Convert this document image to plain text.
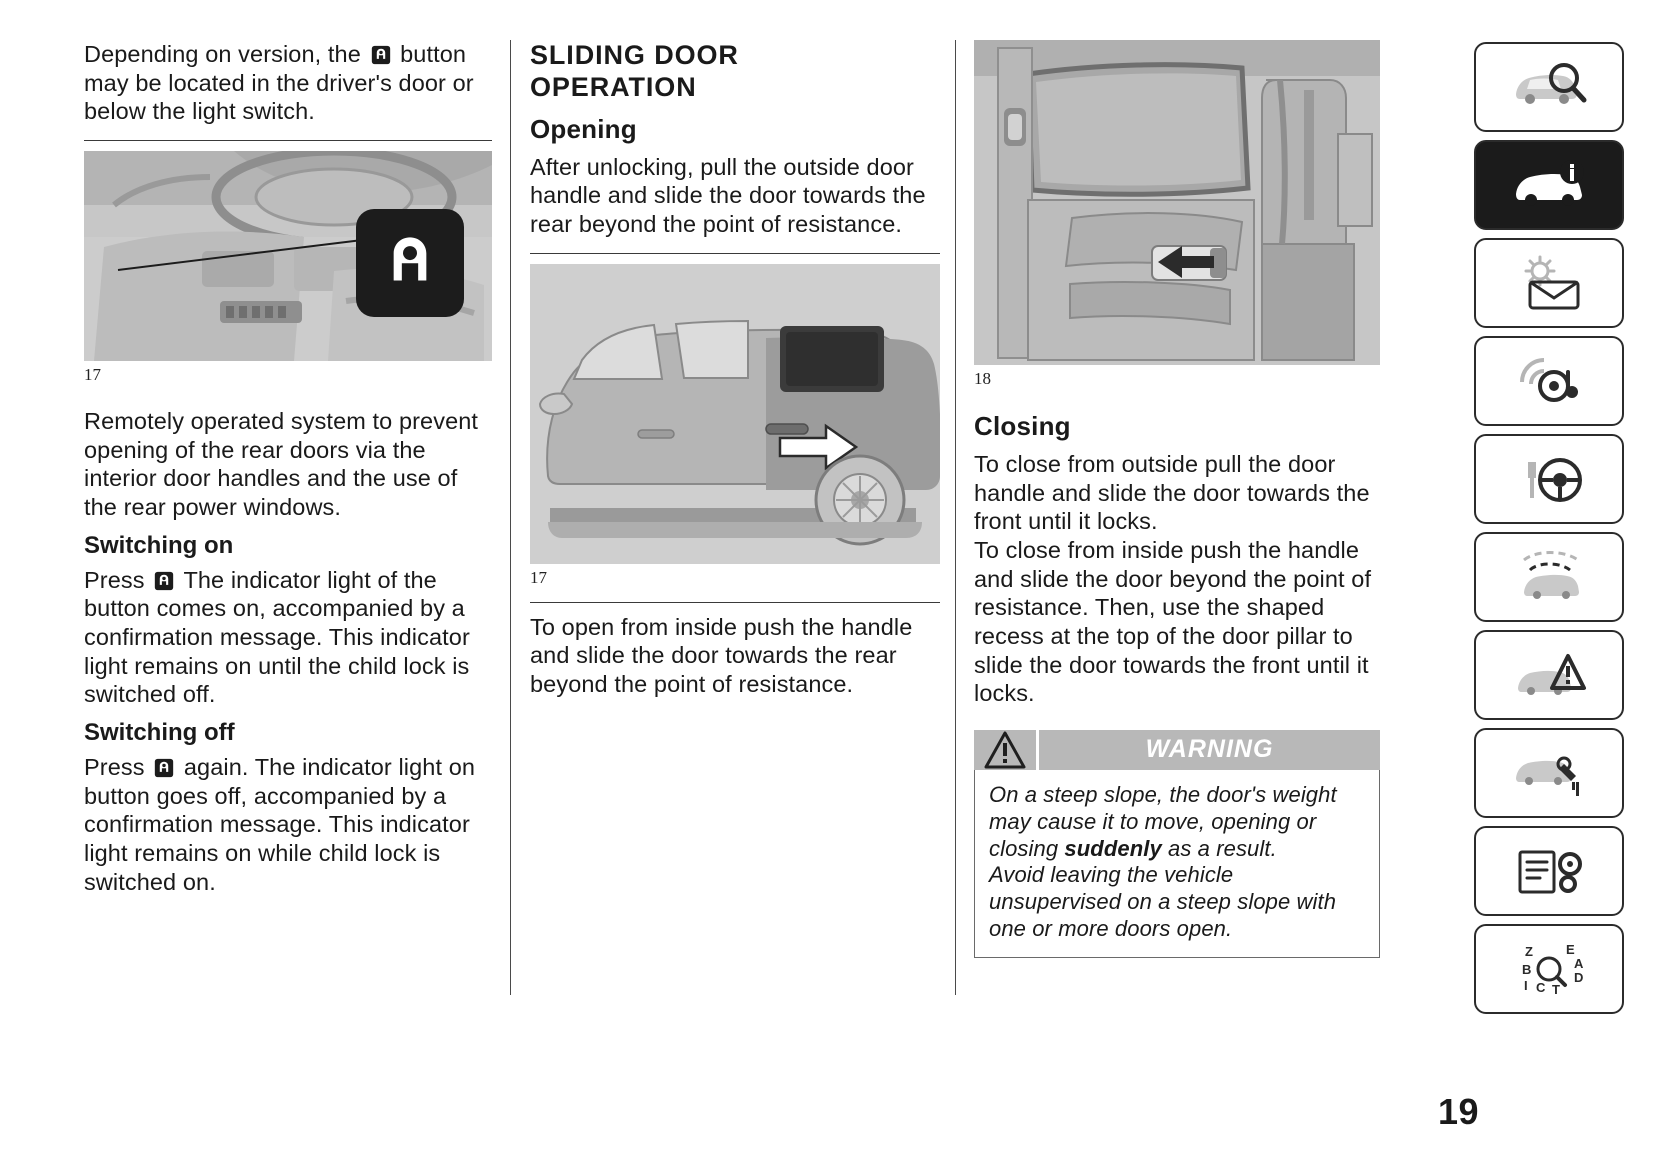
Depending on version, the button may be located in the driver's door or below the light switch.

17

Remotely operated system to prevent opening of the rear doors via the interior door handles and the use of the rear power windows.

Switching on

Press The indicator light of the button comes on, accompanied by a confirmation message. This indicator light remains on until the child lock is switched off.

Switching off

Press again. The indicator light on button goes off, accompanied by a confirmation message. This indicator light remains on while child lock is switched on.

SLIDING DOOR
OPERATION
Opening

After unlocking, pull the outside door handle and slide the door towards the rear beyond the point of resistance.

17

To open from inside push the handle and slide the door towards the rear beyond the point of resistance.

18
Closing

To close from outside pull the door handle and slide the door towards the front until it locks.

To close from inside push the handle and slide the door beyond the point of resistance. Then, use the shaped recess at the top of the door pillar to slide the door towards the front until it locks.

WARNING

On a steep slope, the door's weight may cause it to move, opening or closing suddenly as a result.

Avoid leaving the vehicle unsupervised on a steep slope with one or more doors open.

Z	E
A
D
B
I C T
19
